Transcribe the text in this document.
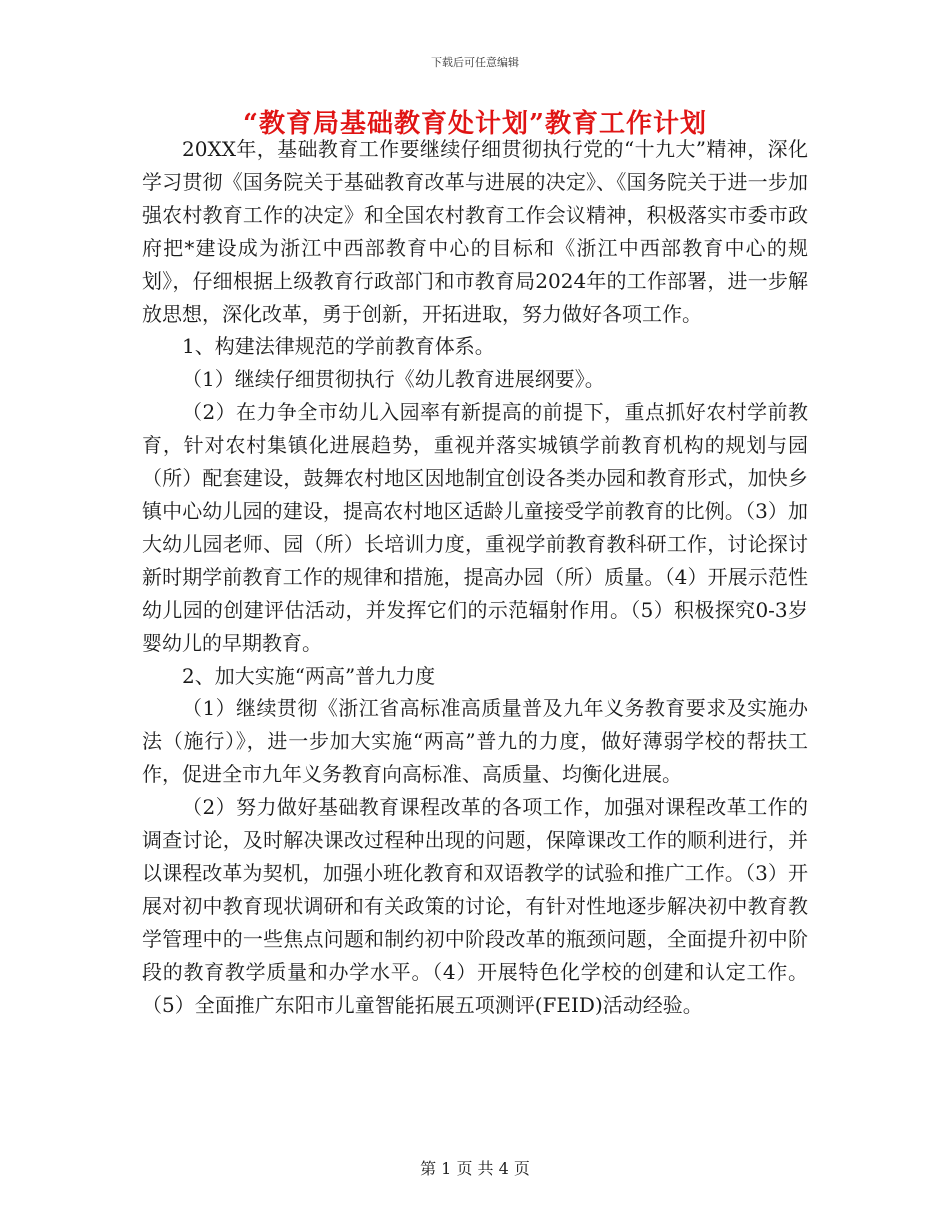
下载后可任意编辑
“教育局基础教育处计划”教育工作计划

20XX年，基础教育工作要继续仔细贯彻执行党的“十九大”精神，深化学习贯彻《国务院关于基础教育改革与进展的决定》、《国务院关于进一步加强农村教育工作的决定》和全国农村教育工作会议精神，积极落实市委市政府把*建设成为浙江中西部教育中心的目标和《浙江中西部教育中心的规划》，仔细根据上级教育行政部门和市教育局2024年的工作部署，进一步解放思想，深化改革，勇于创新，开拓进取，努力做好各项工作。

1、构建法律规范的学前教育体系。

（1）继续仔细贯彻执行《幼儿教育进展纲要》。

（2）在力争全市幼儿入园率有新提高的前提下，重点抓好农村学前教育，针对农村集镇化进展趋势，重视并落实城镇学前教育机构的规划与园（所）配套建设，鼓舞农村地区因地制宜创设各类办园和教育形式，加快乡镇中心幼儿园的建设，提高农村地区适龄儿童接受学前教育的比例。（3）加大幼儿园老师、园（所）长培训力度，重视学前教育教科研工作，讨论探讨新时期学前教育工作的规律和措施，提高办园（所）质量。（4）开展示范性幼儿园的创建评估活动，并发挥它们的示范辐射作用。（5）积极探究0-3岁婴幼儿的早期教育。

2、加大实施“两高”普九力度

（1）继续贯彻《浙江省高标准高质量普及九年义务教育要求及实施办法（施行）》，进一步加大实施“两高”普九的力度，做好薄弱学校的帮扶工作，促进全市九年义务教育向高标准、高质量、均衡化进展。

（2）努力做好基础教育课程改革的各项工作，加强对课程改革工作的调查讨论，及时解决课改过程种出现的问题，保障课改工作的顺利进行，并以课程改革为契机，加强小班化教育和双语教学的试验和推广工作。（3）开展对初中教育现状调研和有关政策的讨论，有针对性地逐步解决初中教育教学管理中的一些焦点问题和制约初中阶段改革的瓶颈问题，全面提升初中阶段的教育教学质量和办学水平。（4）开展特色化学校的创建和认定工作。（5）全面推广东阳市儿童智能拓展五项测评(FEID)活动经验。

第 1 页 共 4 页
